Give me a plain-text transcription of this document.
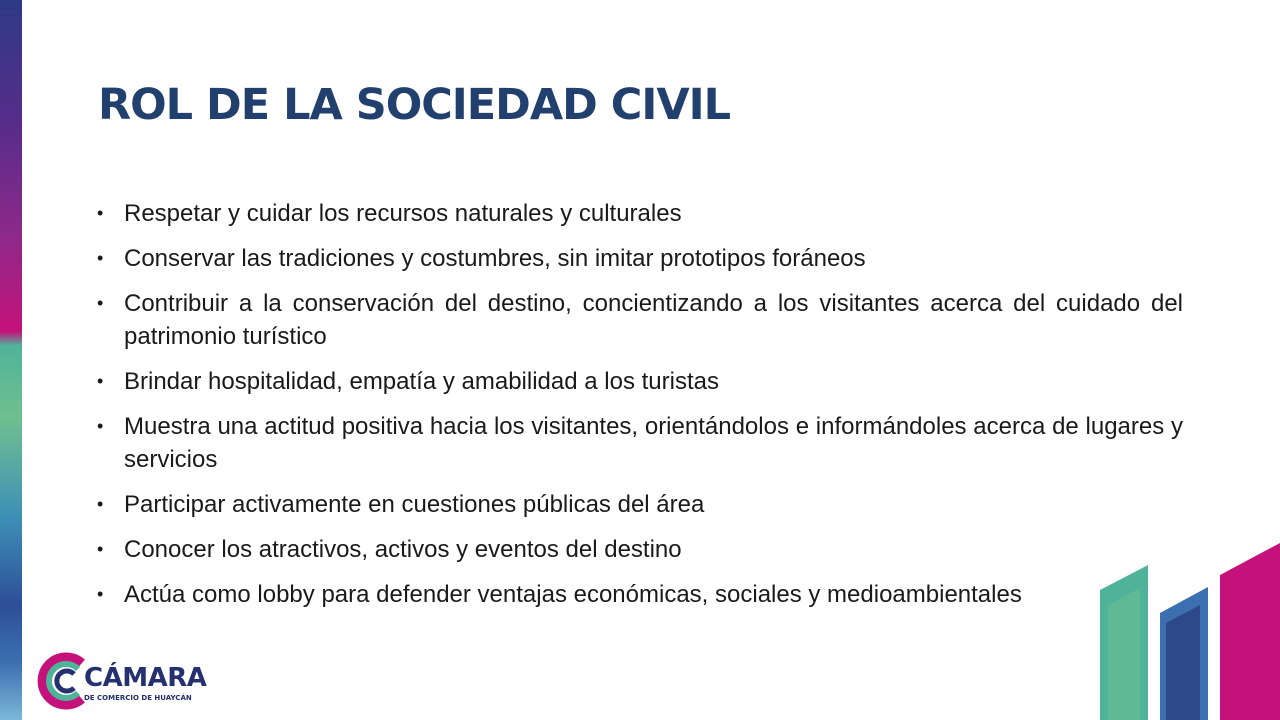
ROL DE LA SOCIEDAD CIVIL
• Respetar y cuidar los recursos naturales y culturales
• Conservar las tradiciones y costumbres, sin imitar prototipos foráneos
• Contribuir a la conservación del destino, concientizando a los visitantes acerca del cuidado del patrimonio turístico
• Brindar hospitalidad, empatía y amabilidad a los turistas
• Muestra una actitud positiva hacia los visitantes, orientándolos e informándoles acerca de lugares y servicios
• Participar activamente en cuestiones públicas del área
• Conocer los atractivos, activos y eventos del destino
• Actúa como lobby para defender ventajas económicas, sociales y medioambientales
CÁMARA
DE COMERCIO DE HUAYCÁN
